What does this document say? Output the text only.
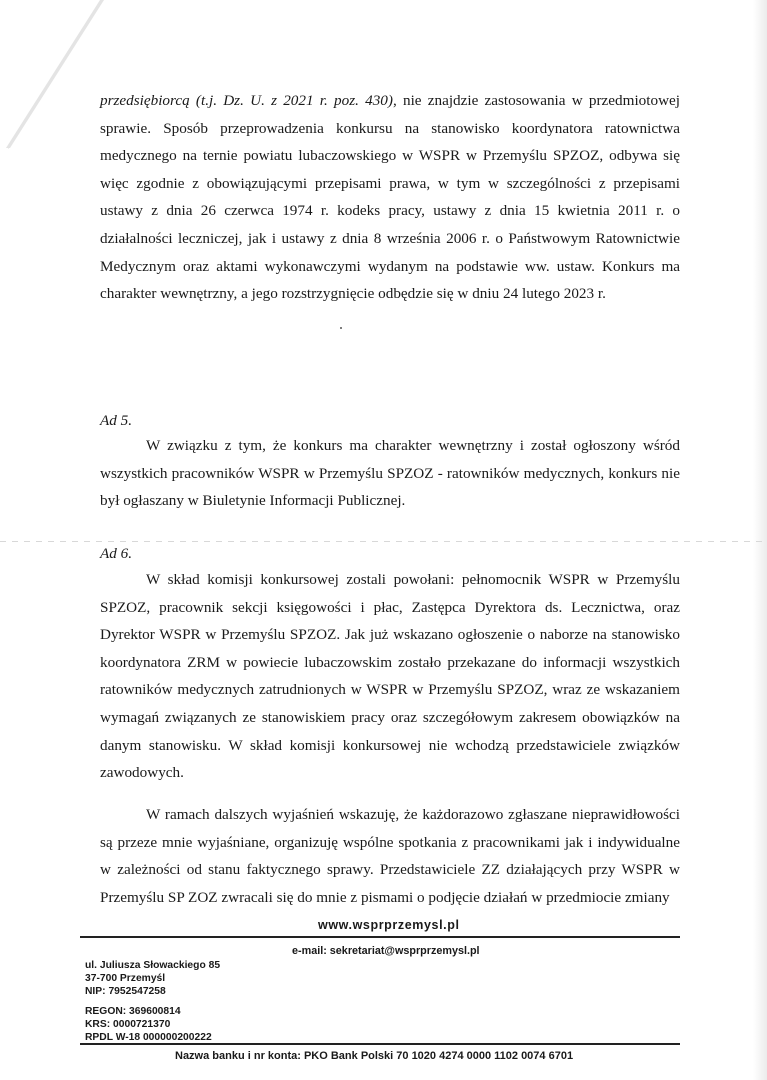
przedsiębiorcą (t.j. Dz. U. z 2021 r. poz. 430), nie znajdzie zastosowania w przedmiotowej sprawie. Sposób przeprowadzenia konkursu na stanowisko koordynatora ratownictwa medycznego na ternie powiatu lubaczowskiego w WSPR w Przemyślu SPZOZ, odbywa się więc zgodnie z obowiązującymi przepisami prawa, w tym w szczególności z przepisami ustawy z dnia 26 czerwca 1974 r. kodeks pracy, ustawy z dnia 15 kwietnia 2011 r. o działalności leczniczej, jak i ustawy z dnia 8 września 2006 r. o Państwowym Ratownictwie Medycznym oraz aktami wykonawczymi wydanym na podstawie ww. ustaw. Konkurs ma charakter wewnętrzny, a jego rozstrzygnięcie odbędzie się w dniu 24 lutego 2023 r.

Ad 5.

W związku z tym, że konkurs ma charakter wewnętrzny i został ogłoszony wśród wszystkich pracowników WSPR w Przemyślu SPZOZ - ratowników medycznych, konkurs nie był ogłaszany w Biuletynie Informacji Publicznej.

Ad 6.

W skład komisji konkursowej zostali powołani: pełnomocnik WSPR w Przemyślu SPZOZ, pracownik sekcji księgowości i płac, Zastępca Dyrektora ds. Lecznictwa, oraz Dyrektor WSPR w Przemyślu SPZOZ. Jak już wskazano ogłoszenie o naborze na stanowisko koordynatora ZRM w powiecie lubaczowskim zostało przekazane do informacji wszystkich ratowników medycznych zatrudnionych w WSPR w Przemyślu SPZOZ, wraz ze wskazaniem wymagań związanych ze stanowiskiem pracy oraz szczegółowym zakresem obowiązków na danym stanowisku. W skład komisji konkursowej nie wchodzą przedstawiciele związków zawodowych.

W ramach dalszych wyjaśnień wskazuję, że każdorazowo zgłaszane nieprawidłowości są przeze mnie wyjaśniane, organizuję wspólne spotkania z pracownikami jak i indywidualne w zależności od stanu faktycznego sprawy. Przedstawiciele ZZ działających przy WSPR w Przemyślu SP ZOZ zwracali się do mnie z pismami o podjęcie działań w przedmiocie zmiany

www.wsprprzemysl.pl
e-mail: sekretariat@wsprprzemysl.pl
ul. Juliusza Słowackiego 85
37-700 Przemyśl
NIP: 7952547258
REGON: 369600814
KRS: 0000721370
RPDL W-18 000000200222
Nazwa banku i nr konta: PKO Bank Polski 70 1020 4274 0000 1102 0074 6701
